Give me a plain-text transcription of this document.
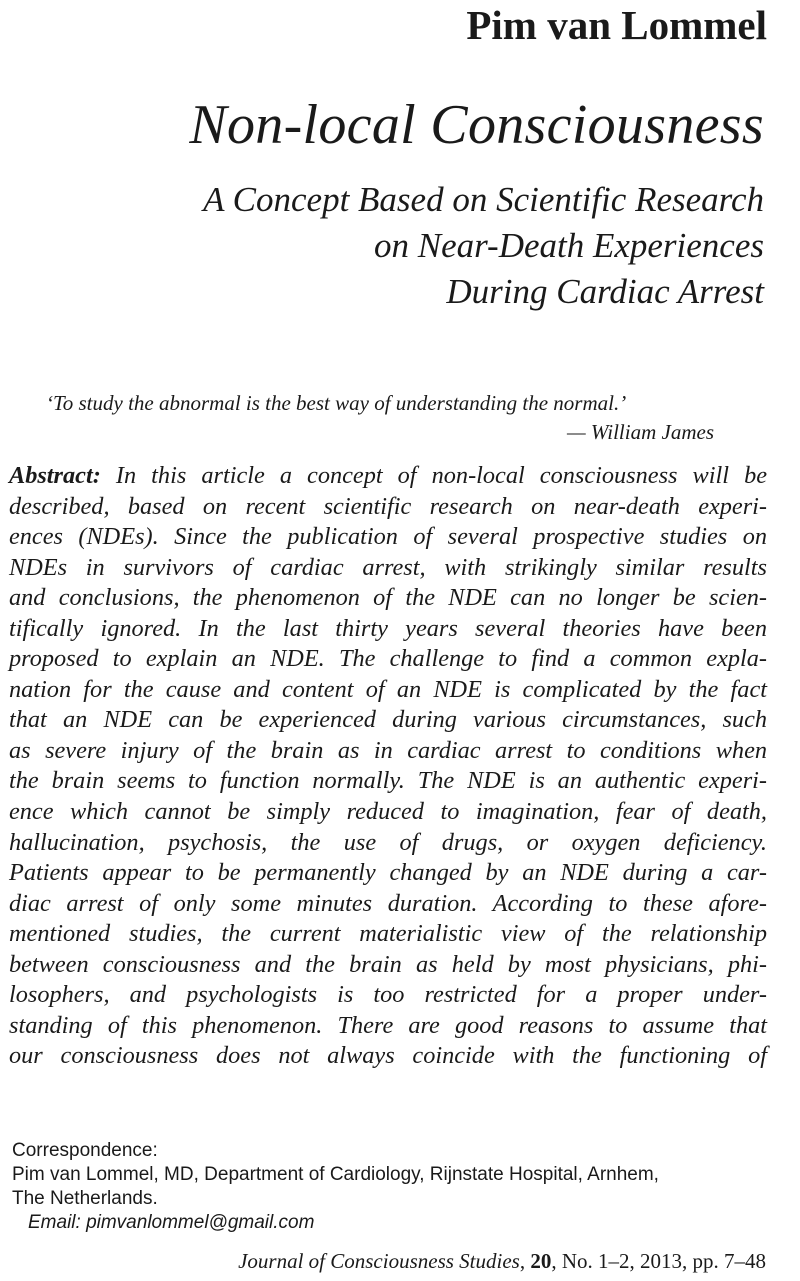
Pim van Lommel
Non-local Consciousness
A Concept Based on Scientific Research
on Near-Death Experiences
During Cardiac Arrest
‘To study the abnormal is the best way of understanding the normal.’
— William James
Abstract: In this article a concept of non-local consciousness will be
described, based on recent scientific research on near-death experi-
ences (NDEs). Since the publication of several prospective studies on
NDEs in survivors of cardiac arrest, with strikingly similar results
and conclusions, the phenomenon of the NDE can no longer be scien-
tifically ignored. In the last thirty years several theories have been
proposed to explain an NDE. The challenge to find a common expla-
nation for the cause and content of an NDE is complicated by the fact
that an NDE can be experienced during various circumstances, such
as severe injury of the brain as in cardiac arrest to conditions when
the brain seems to function normally. The NDE is an authentic experi-
ence which cannot be simply reduced to imagination, fear of death,
hallucination, psychosis, the use of drugs, or oxygen deficiency.
Patients appear to be permanently changed by an NDE during a car-
diac arrest of only some minutes duration. According to these afore-
mentioned studies, the current materialistic view of the relationship
between consciousness and the brain as held by most physicians, phi-
losophers, and psychologists is too restricted for a proper under-
standing of this phenomenon. There are good reasons to assume that
our consciousness does not always coincide with the functioning of
Correspondence:
Pim van Lommel, MD, Department of Cardiology, Rijnstate Hospital, Arnhem,
The Netherlands.
Email: pimvanlommel@gmail.com
Journal of Consciousness Studies, 20, No. 1–2, 2013, pp. 7–48
